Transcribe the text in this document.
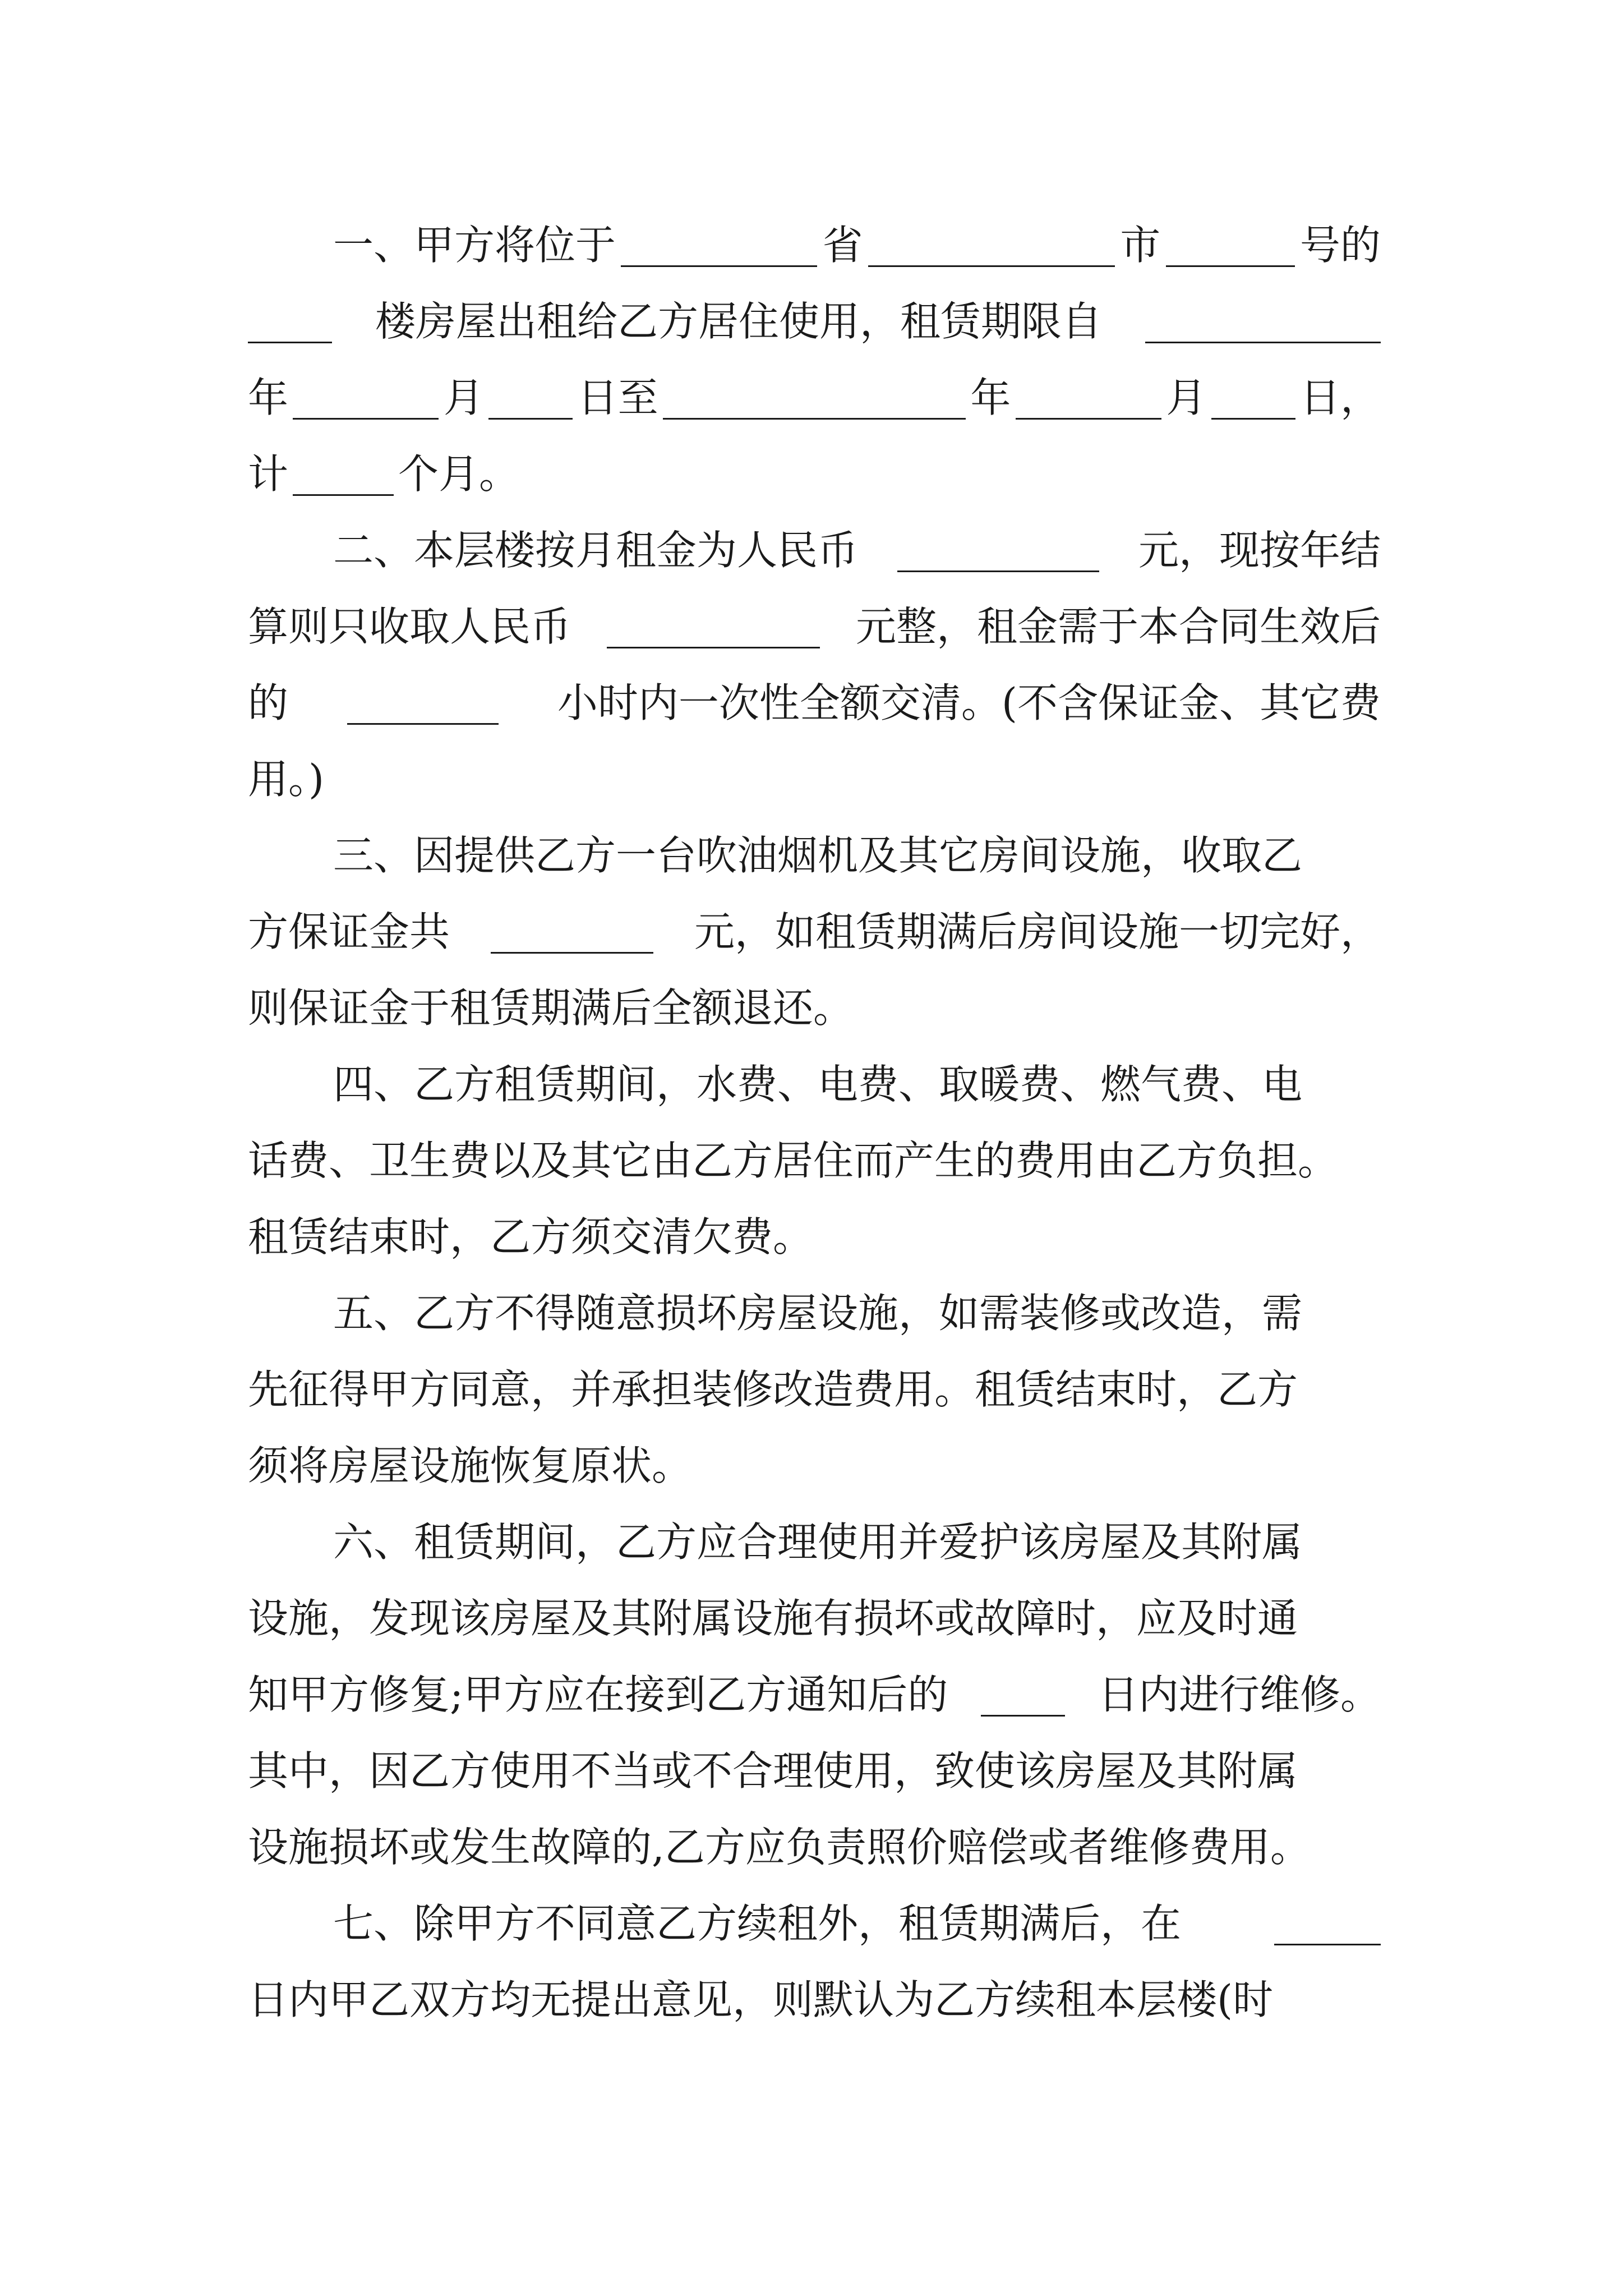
一、甲方将位于	省	市	号的
楼房屋出租给乙方居住使用，租赁期限自
年	月 日至	年	月 日，
计	个月。
二、本层楼按月租金为人民币	元，现按年结
算则只收取人民币	元整，租金需于本合同生效后
的	小时内一次性全额交清。(不含保证金、其它费
用。)
三、因提供乙方一台吹油烟机及其它房间设施，收取乙
方保证金共	元，如租赁期满后房间设施一切完好，
则保证金于租赁期满后全额退还。
四、乙方租赁期间，水费、电费、取暖费、燃气费、电
话费、卫生费以及其它由乙方居住而产生的费用由乙方负担。
租赁结束时，乙方须交清欠费。
五、乙方不得随意损坏房屋设施，如需装修或改造，需
先征得甲方同意，并承担装修改造费用。租赁结束时，乙方
须将房屋设施恢复原状。
六、租赁期间，乙方应合理使用并爱护该房屋及其附属
设施，发现该房屋及其附属设施有损坏或故障时，应及时通
知甲方修复;甲方应在接到乙方通知后的	日内进行维修。
其中，因乙方使用不当或不合理使用，致使该房屋及其附属
设施损坏或发生故障的,乙方应负责照价赔偿或者维修费用。
七、除甲方不同意乙方续租外，租赁期满后，在
日内甲乙双方均无提出意见，则默认为乙方续租本层楼(时
